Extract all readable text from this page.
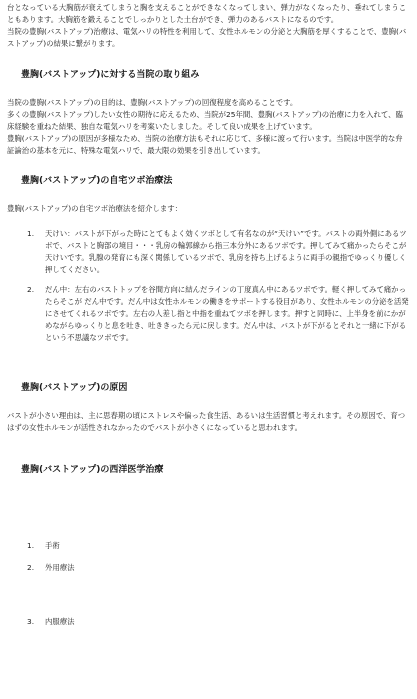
台となっている大胸筋が衰えてしまうと胸を支えることができなくなってしまい、弾力がなくなったり、垂れてしまうこともあります。大胸筋を鍛えることでしっかりとした土台ができ、弾力のあるバストになるのです。

当院の豊胸(バストアップ)治療は、電気ハリの特性を利用して、女性ホルモンの分泌と大胸筋を厚くすることで、豊胸(バストアップ)の結果に繋がります。

豊胸(バストアップ)に対する当院の取り組み

当院の豊胸(バストアップ)の目的は、豊胸(バストアップ)の回復程度を高めることです。

多くの豊胸(バストアップ)したい女性の期待に応えるため、当院が25年間、豊胸(バストアップ)の治療に力を入れて、臨床経験を重ねた結果、独自な電気ハリを考案いたしました。そして良い成果を上げています。

豊胸(バストアップ)の原因が多様なため、当院の治療方法もそれに応じて、多様に渡って行います。当院は中医学的な弁証論治の基本を元に、特殊な電気ハリで、最大限の効果を引き出しています。

豊胸(バストアップ)の自宅ツボ治療法

豊胸(バストアップ)の自宅ツボ治療法を紹介します：

1.	天けい：バストが下がった時にとてもよく効くツボとして有名なのが“天けい”です。バストの両外側にあるツボで、バストと胸部の境目・・・乳房の輪郭線から指三本分外にあるツボです。押してみて痛かったらそこが天けいです。乳腺の発育にも深く関係しているツボで、乳房を持ち上げるように両手の親指でゆっくり優しく押してください。
2.	だん中：左右のバストトップを谷間方向に結んだラインの丁度真ん中にあるツボです。軽く押してみて痛かったらそこが だん中です。だん中は女性ホルモンの働きをサポートする役目があり、女性ホルモンの分泌を活発にさせてくれるツボです。左右の人差し指と中指を重ねてツボを押します。押すと同時に、上半身を前にかがめながらゆっくりと息を吐き、吐ききったら元に戻します。だん中は、バストが下がるとそれと一緒に下がるという不思議なツボです。
豊胸(バストアップ)の原因

バストが小さい理由は、主に思春期の頃にストレスや偏った食生活、あるいは生活習慣と考えれます。その原因で、育つはずの女性ホルモンが活性されなかったのでバストが小さくになっていると思われます。

豊胸(バストアップ)の西洋医学治療
1.	手術
2.	外用療法
3.	内服療法
